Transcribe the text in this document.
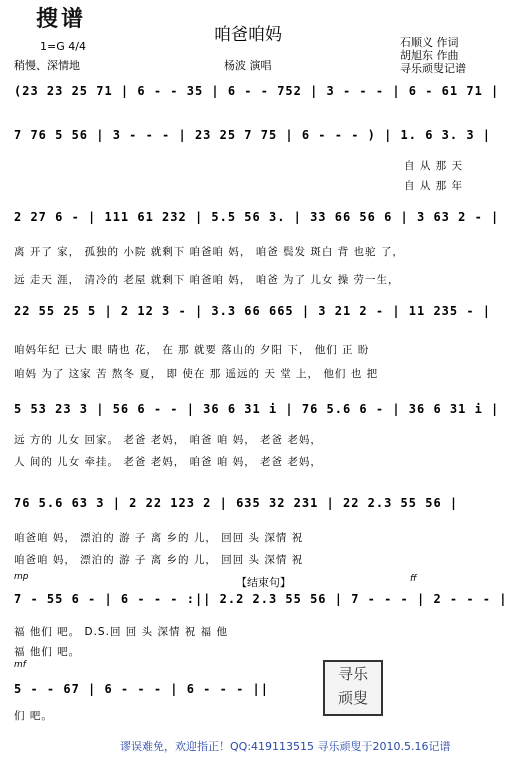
搜谱
咱爸咱妈
1=G 4/4
稍慢、深情地	杨波 演唱
石顺义 作词
胡旭东 作曲
寻乐顽叟记谱
(23 23 25 71 | 6 - - 35 | 6 - - 752 | 3 - - - | 6 - 61 71 |
7 76 5 56 | 3 - - - | 23 25 7 75 | 6 - - - ) | 1. 6 3. 3 |
自 从 那 天
自 从 那 年
2 27 6 - | 111 61 232 | 5.5 56 3. | 33 66 56 6 | 3 63 2 - |
离 开了 家， 孤独的 小院 就剩下 咱爸咱 妈， 咱爸 鬓发 斑白 背 也驼 了，
远 走天 涯， 清冷的 老屋 就剩下 咱爸咱 妈， 咱爸 为了 儿女 操 劳一生，
22 55 25 5 | 2 12 3 - | 3.3 66 665 | 3 21 2 - | 11 235 - |
咱妈年纪 已大 眼 睛也 花， 在 那 就要 落山的 夕阳 下， 他们 正 盼
咱妈 为了 这家 苦 熬冬 夏， 即 使在 那 遥远的 天 堂 上， 他们 也 把
5 53 23 3 | 56 6 - - | 36 6 31 i | 76 5.6 6 - | 36 6 31 i |
远 方的 儿女 回家。 老爸 老妈， 咱爸 咱 妈， 老爸 老妈，
人 间的 儿女 牵挂。 老爸 老妈， 咱爸 咱 妈， 老爸 老妈，
76 5.6 63 3 | 2 22 123 2 | 635 32 231 | 22 2.3 55 56 |
咱爸咱 妈， 漂泊的 游 子 离 乡的 儿， 回回 头 深情 祝
咱爸咱 妈， 漂泊的 游 子 离 乡的 儿， 回回 头 深情 祝
mp	【结束句】	ff
7 - 55 6 - | 6 - - - :|| 2.2 2.3 55 56 | 7 - - - | 2 - - - |
福 他们 吧。 D.S.回 回 头 深情 祝 福 他
福 他们 吧。
mf
5 - - 67 | 6 - - - | 6 - - - ||
们 吧。
寻乐
顽叟
谬误难免，欢迎指正！QQ:419113515 寻乐顽叟于2010.5.16记谱
